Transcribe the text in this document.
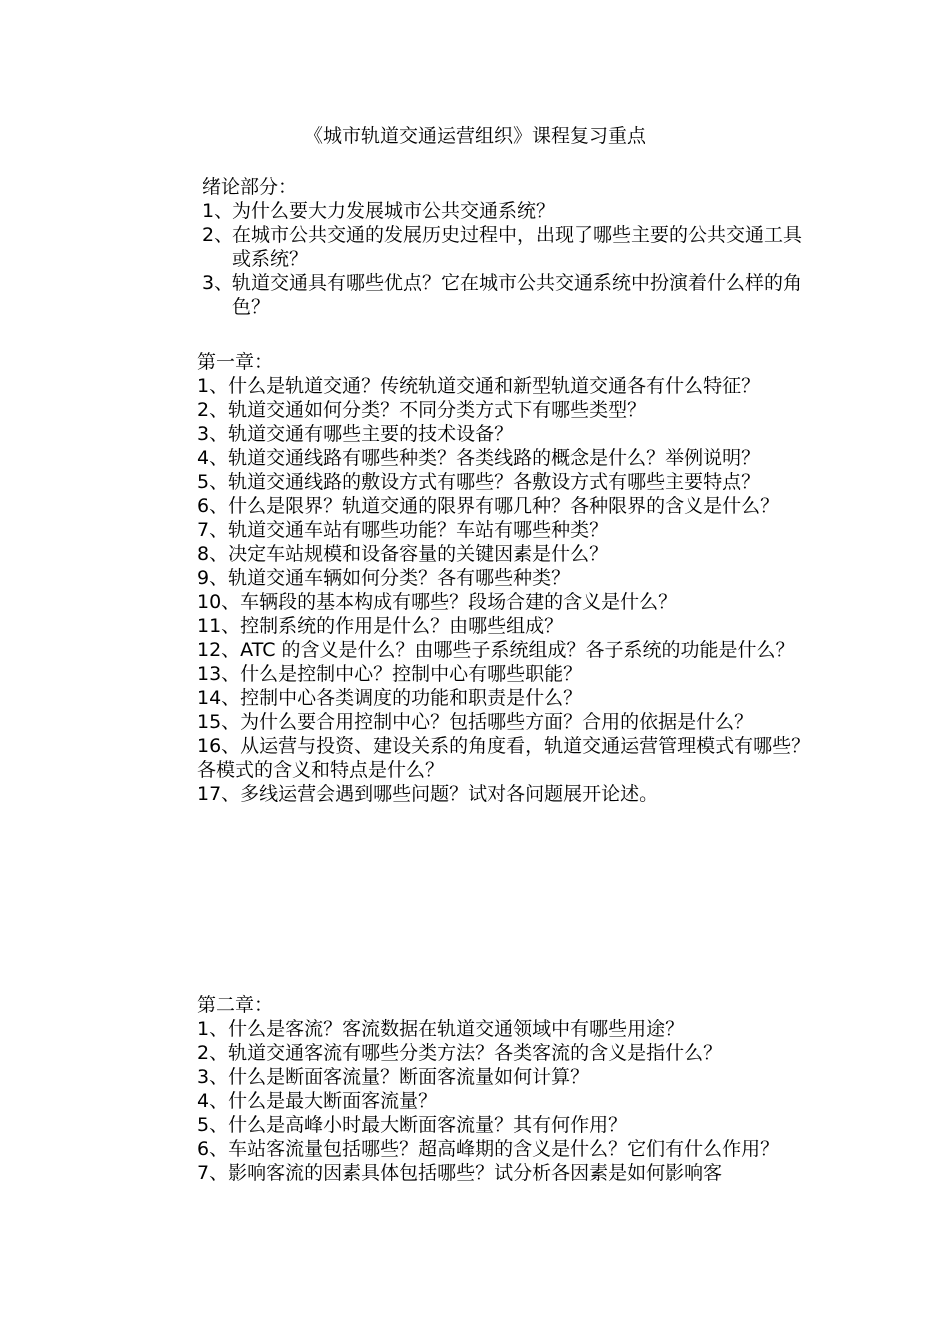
《城市轨道交通运营组织》课程复习重点
绪论部分：
1、
为什么要大力发展城市公共交通系统？
2、
在城市公共交通的发展历史过程中，出现了哪些主要的公共交通工具或系统？
3、
轨道交通具有哪些优点？它在城市公共交通系统中扮演着什么样的角色？
第一章：
1、什么是轨道交通？传统轨道交通和新型轨道交通各有什么特征？
2、轨道交通如何分类？不同分类方式下有哪些类型？
3、轨道交通有哪些主要的技术设备？
4、轨道交通线路有哪些种类？各类线路的概念是什么？举例说明？
5、轨道交通线路的敷设方式有哪些？各敷设方式有哪些主要特点？
6、什么是限界？轨道交通的限界有哪几种？各种限界的含义是什么？
7、轨道交通车站有哪些功能？车站有哪些种类？
8、决定车站规模和设备容量的关键因素是什么？
9、轨道交通车辆如何分类？各有哪些种类？
10、车辆段的基本构成有哪些？段场合建的含义是什么？
11、控制系统的作用是什么？由哪些组成？
12、ATC 的含义是什么？由哪些子系统组成？各子系统的功能是什么？
13、什么是控制中心？控制中心有哪些职能？
14、控制中心各类调度的功能和职责是什么？
15、为什么要合用控制中心？包括哪些方面？合用的依据是什么？
16、从运营与投资、建设关系的角度看，轨道交通运营管理模式有哪些？各模式的含义和特点是什么？
17、多线运营会遇到哪些问题？试对各问题展开论述。
第二章：
1、什么是客流？客流数据在轨道交通领域中有哪些用途？
2、轨道交通客流有哪些分类方法？各类客流的含义是指什么？
3、什么是断面客流量？断面客流量如何计算？
4、什么是最大断面客流量？
5、什么是高峰小时最大断面客流量？其有何作用？
6、车站客流量包括哪些？超高峰期的含义是什么？它们有什么作用？
7、影响客流的因素具体包括哪些？试分析各因素是如何影响客
